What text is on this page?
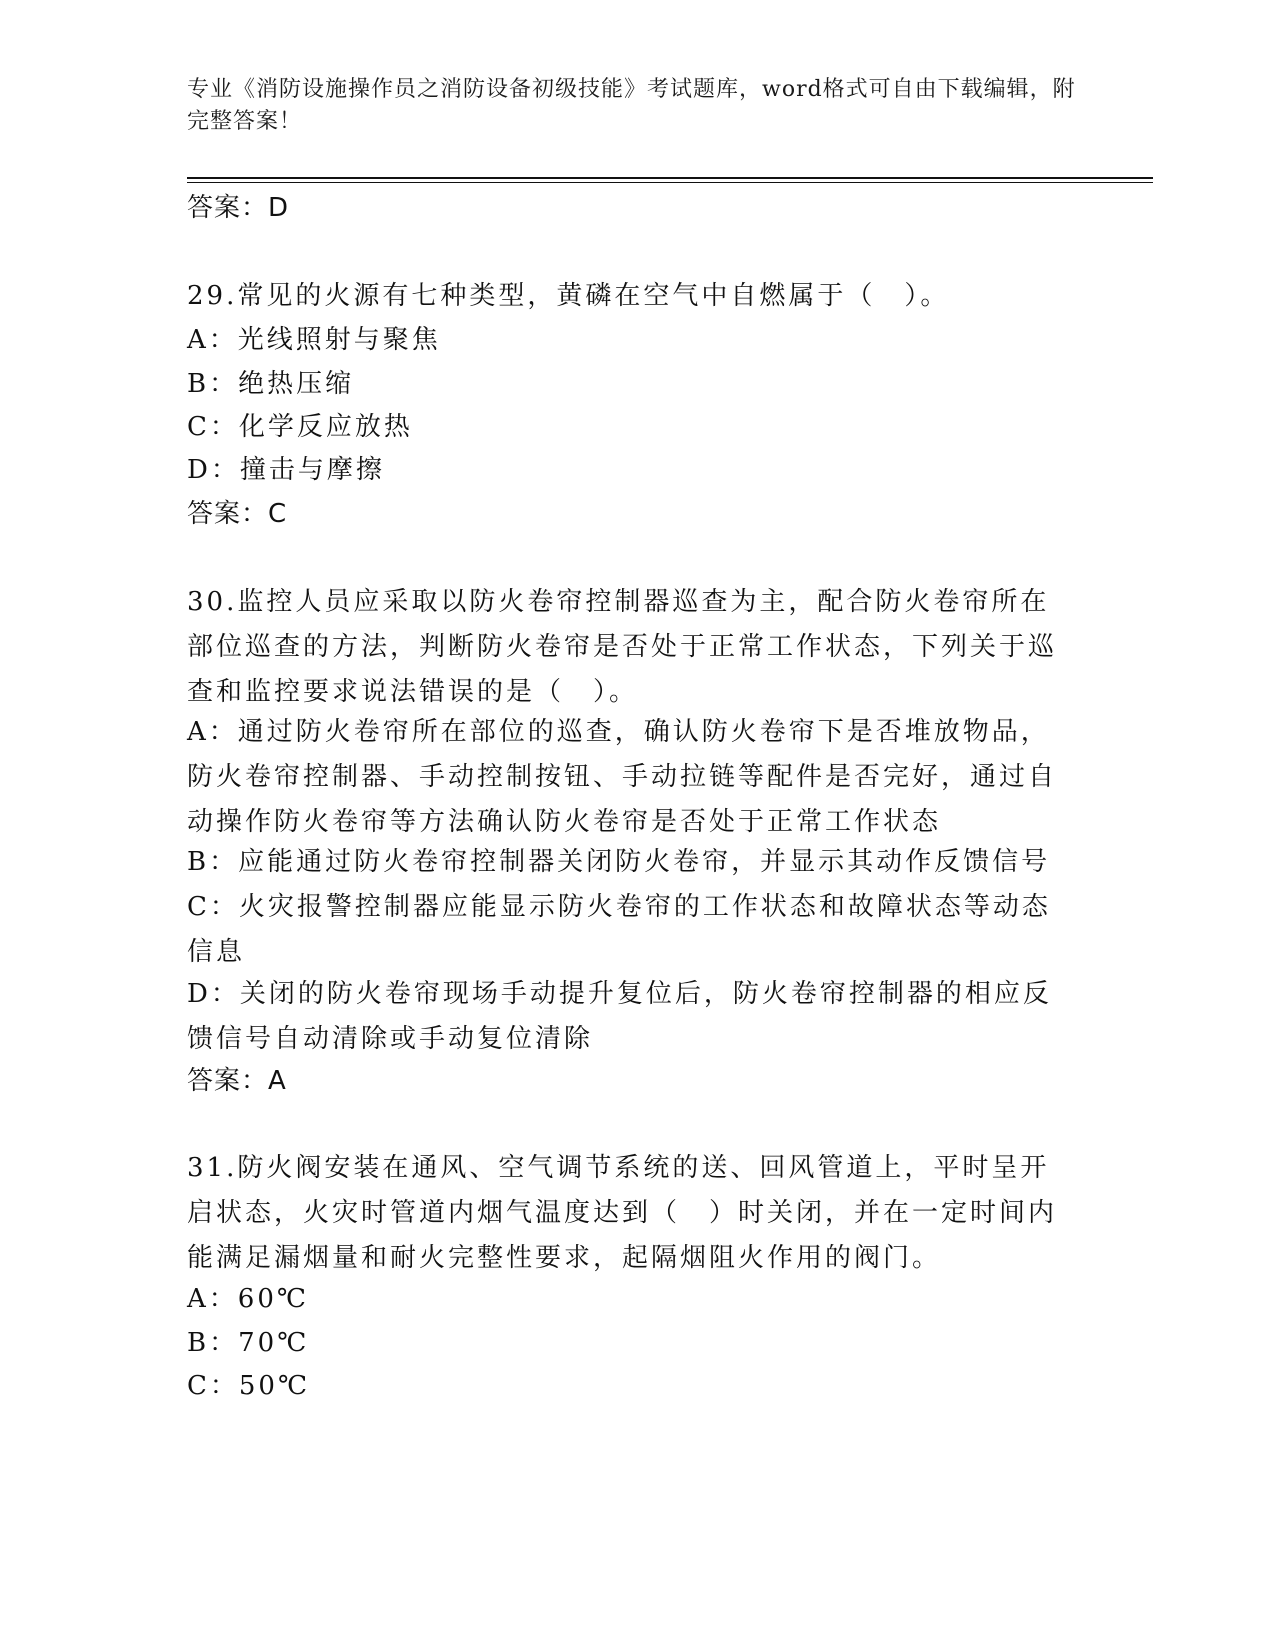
专业《消防设施操作员之消防设备初级技能》考试题库，word格式可自由下载编辑，附完整答案！
答案：D
29.常见的火源有七种类型，黄磷在空气中自燃属于（　）。
A：光线照射与聚焦
B：绝热压缩
C：化学反应放热
D：撞击与摩擦
答案：C
30.监控人员应采取以防火卷帘控制器巡查为主，配合防火卷帘所在部位巡查的方法，判断防火卷帘是否处于正常工作状态，下列关于巡查和监控要求说法错误的是（　）。
A：通过防火卷帘所在部位的巡查，确认防火卷帘下是否堆放物品，防火卷帘控制器、手动控制按钮、手动拉链等配件是否完好，通过自动操作防火卷帘等方法确认防火卷帘是否处于正常工作状态
B：应能通过防火卷帘控制器关闭防火卷帘，并显示其动作反馈信号
C：火灾报警控制器应能显示防火卷帘的工作状态和故障状态等动态信息
D：关闭的防火卷帘现场手动提升复位后，防火卷帘控制器的相应反馈信号自动清除或手动复位清除
答案：A
31.防火阀安装在通风、空气调节系统的送、回风管道上，平时呈开启状态，火灾时管道内烟气温度达到（　）时关闭，并在一定时间内能满足漏烟量和耐火完整性要求，起隔烟阻火作用的阀门。
A：60℃
B：70℃
C：50℃
